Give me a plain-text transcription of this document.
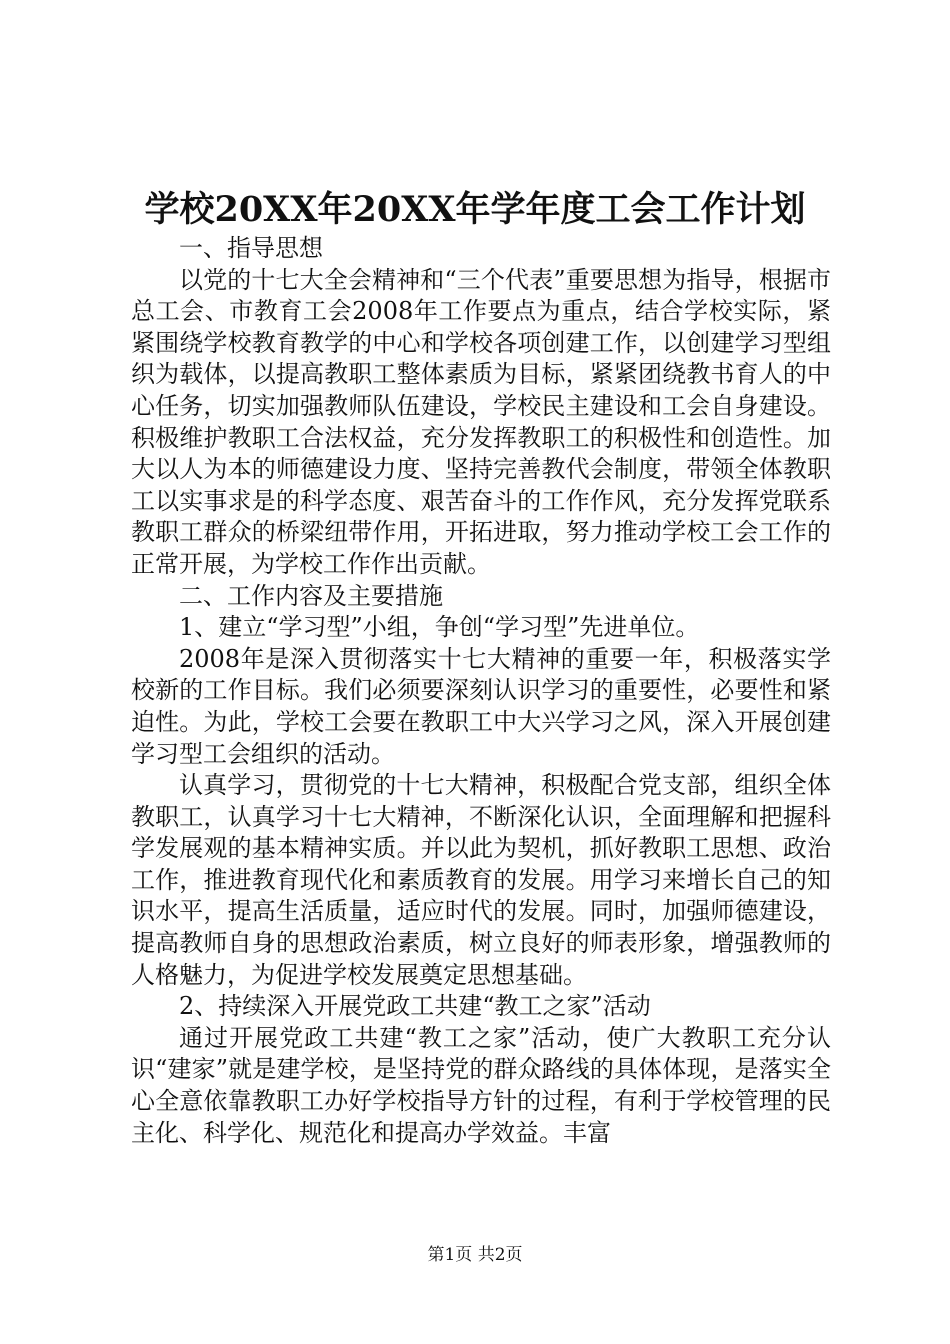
学校20XX年20XX年学年度工会工作计划

一、指导思想

以党的十七大全会精神和“三个代表”重要思想为指导，根据市总工会、市教育工会2008年工作要点为重点，结合学校实际，紧紧围绕学校教育教学的中心和学校各项创建工作，以创建学习型组织为载体，以提高教职工整体素质为目标，紧紧团绕教书育人的中心任务，切实加强教师队伍建设，学校民主建设和工会自身建设。积极维护教职工合法权益，充分发挥教职工的积极性和创造性。加大以人为本的师德建设力度、坚持完善教代会制度，带领全体教职工以实事求是的科学态度、艰苦奋斗的工作作风，充分发挥党联系教职工群众的桥梁纽带作用，开拓进取，努力推动学校工会工作的正常开展，为学校工作作出贡献。

二、工作内容及主要措施

1、建立“学习型”小组，争创“学习型”先进单位。

2008年是深入贯彻落实十七大精神的重要一年，积极落实学校新的工作目标。我们必须要深刻认识学习的重要性，必要性和紧迫性。为此，学校工会要在教职工中大兴学习之风，深入开展创建学习型工会组织的活动。

认真学习，贯彻党的十七大精神，积极配合党支部，组织全体教职工，认真学习十七大精神，不断深化认识，全面理解和把握科学发展观的基本精神实质。并以此为契机，抓好教职工思想、政治工作，推进教育现代化和素质教育的发展。用学习来增长自己的知识水平，提高生活质量，适应时代的发展。同时，加强师德建设，提高教师自身的思想政治素质，树立良好的师表形象，增强教师的人格魅力，为促进学校发展奠定思想基础。

2、持续深入开展党政工共建“教工之家”活动

通过开展党政工共建“教工之家”活动，使广大教职工充分认识“建家”就是建学校，是坚持党的群众路线的具体体现，是落实全心全意依靠教职工办好学校指导方针的过程，有利于学校管理的民主化、科学化、规范化和提高办学效益。丰富

第1页 共2页
